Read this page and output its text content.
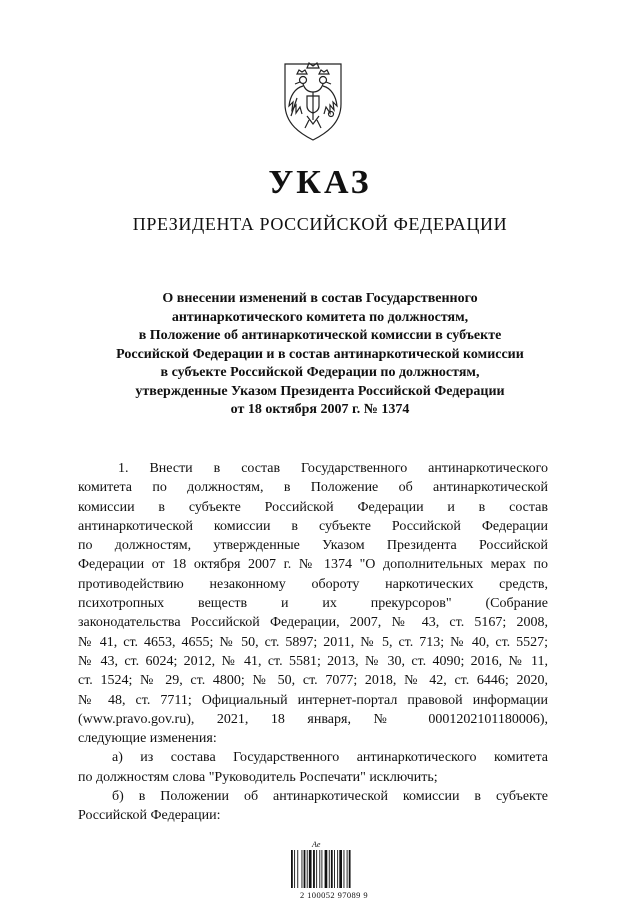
УКАЗ
ПРЕЗИДЕНТА РОССИЙСКОЙ ФЕДЕРАЦИИ
О внесении изменений в состав Государственного
антинаркотического комитета по должностям,
в Положение об антинаркотической комиссии в субъекте
Российской Федерации и в состав антинаркотической комиссии
в субъекте Российской Федерации по должностям,
утвержденные Указом Президента Российской Федерации
от 18 октября 2007 г. № 1374
1. Внести в состав Государственного антинаркотического
комитета по должностям, в Положение об антинаркотической
комиссии в субъекте Российской Федерации и в состав
антинаркотической комиссии в субъекте Российской Федерации
по должностям, утвержденные Указом Президента Российской
Федерации от 18 октября 2007 г. № 1374 "О дополнительных мерах по
противодействию незаконному обороту наркотических средств,
психотропных веществ и их прекурсоров" (Собрание
законодательства Российской Федерации, 2007, № 43, ст. 5167; 2008,
№ 41, ст. 4653, 4655; № 50, ст. 5897; 2011, № 5, ст. 713; № 40, ст. 5527;
№ 43, ст. 6024; 2012, № 41, ст. 5581; 2013, № 30, ст. 4090; 2016, № 11,
ст. 1524; № 29, ст. 4800; № 50, ст. 7077; 2018, № 42, ст. 6446; 2020,
№ 48, ст. 7711; Официальный интернет-портал правовой информации
(www.pravo.gov.ru), 2021, 18 января, № 0001202101180006),
следующие изменения:
а) из состава Государственного антинаркотического комитета
по должностям слова "Руководитель Роспечати" исключить;
б) в Положении об антинаркотической комиссии в субъекте
Российской Федерации:
Ae
2 100052 97089 9
